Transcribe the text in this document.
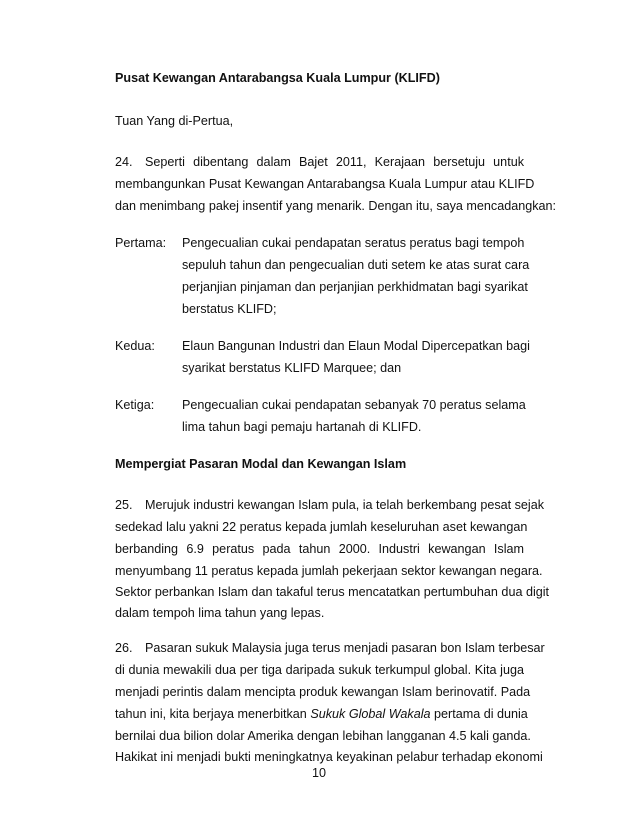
Pusat Kewangan Antarabangsa Kuala Lumpur (KLIFD)
Tuan Yang di-Pertua,
24. Seperti dibentang dalam Bajet 2011, Kerajaan bersetuju untuk
membangunkan Pusat Kewangan Antarabangsa Kuala Lumpur atau KLIFD
dan menimbang pakej insentif yang menarik. Dengan itu, saya mencadangkan:
Pertama: Pengecualian cukai pendapatan seratus peratus bagi tempoh
sepuluh tahun dan pengecualian duti setem ke atas surat cara
perjanjian pinjaman dan perjanjian perkhidmatan bagi syarikat
berstatus KLIFD;
Kedua: Elaun Bangunan Industri dan Elaun Modal Dipercepatkan bagi
syarikat berstatus KLIFD Marquee; dan
Ketiga: Pengecualian cukai pendapatan sebanyak 70 peratus selama
lima tahun bagi pemaju hartanah di KLIFD.
Mempergiat Pasaran Modal dan Kewangan Islam
25. Merujuk industri kewangan Islam pula, ia telah berkembang pesat sejak
sedekad lalu yakni 22 peratus kepada jumlah keseluruhan aset kewangan
berbanding 6.9 peratus pada tahun 2000. Industri kewangan Islam
menyumbang 11 peratus kepada jumlah pekerjaan sektor kewangan negara.
Sektor perbankan Islam dan takaful terus mencatatkan pertumbuhan dua digit
dalam tempoh lima tahun yang lepas.
26. Pasaran sukuk Malaysia juga terus menjadi pasaran bon Islam terbesar
di dunia mewakili dua per tiga daripada sukuk terkumpul global. Kita juga
menjadi perintis dalam mencipta produk kewangan Islam berinovatif. Pada
tahun ini, kita berjaya menerbitkan Sukuk Global Wakala pertama di dunia
bernilai dua bilion dolar Amerika dengan lebihan langganan 4.5 kali ganda.
Hakikat ini menjadi bukti meningkatnya keyakinan pelabur terhadap ekonomi
10
